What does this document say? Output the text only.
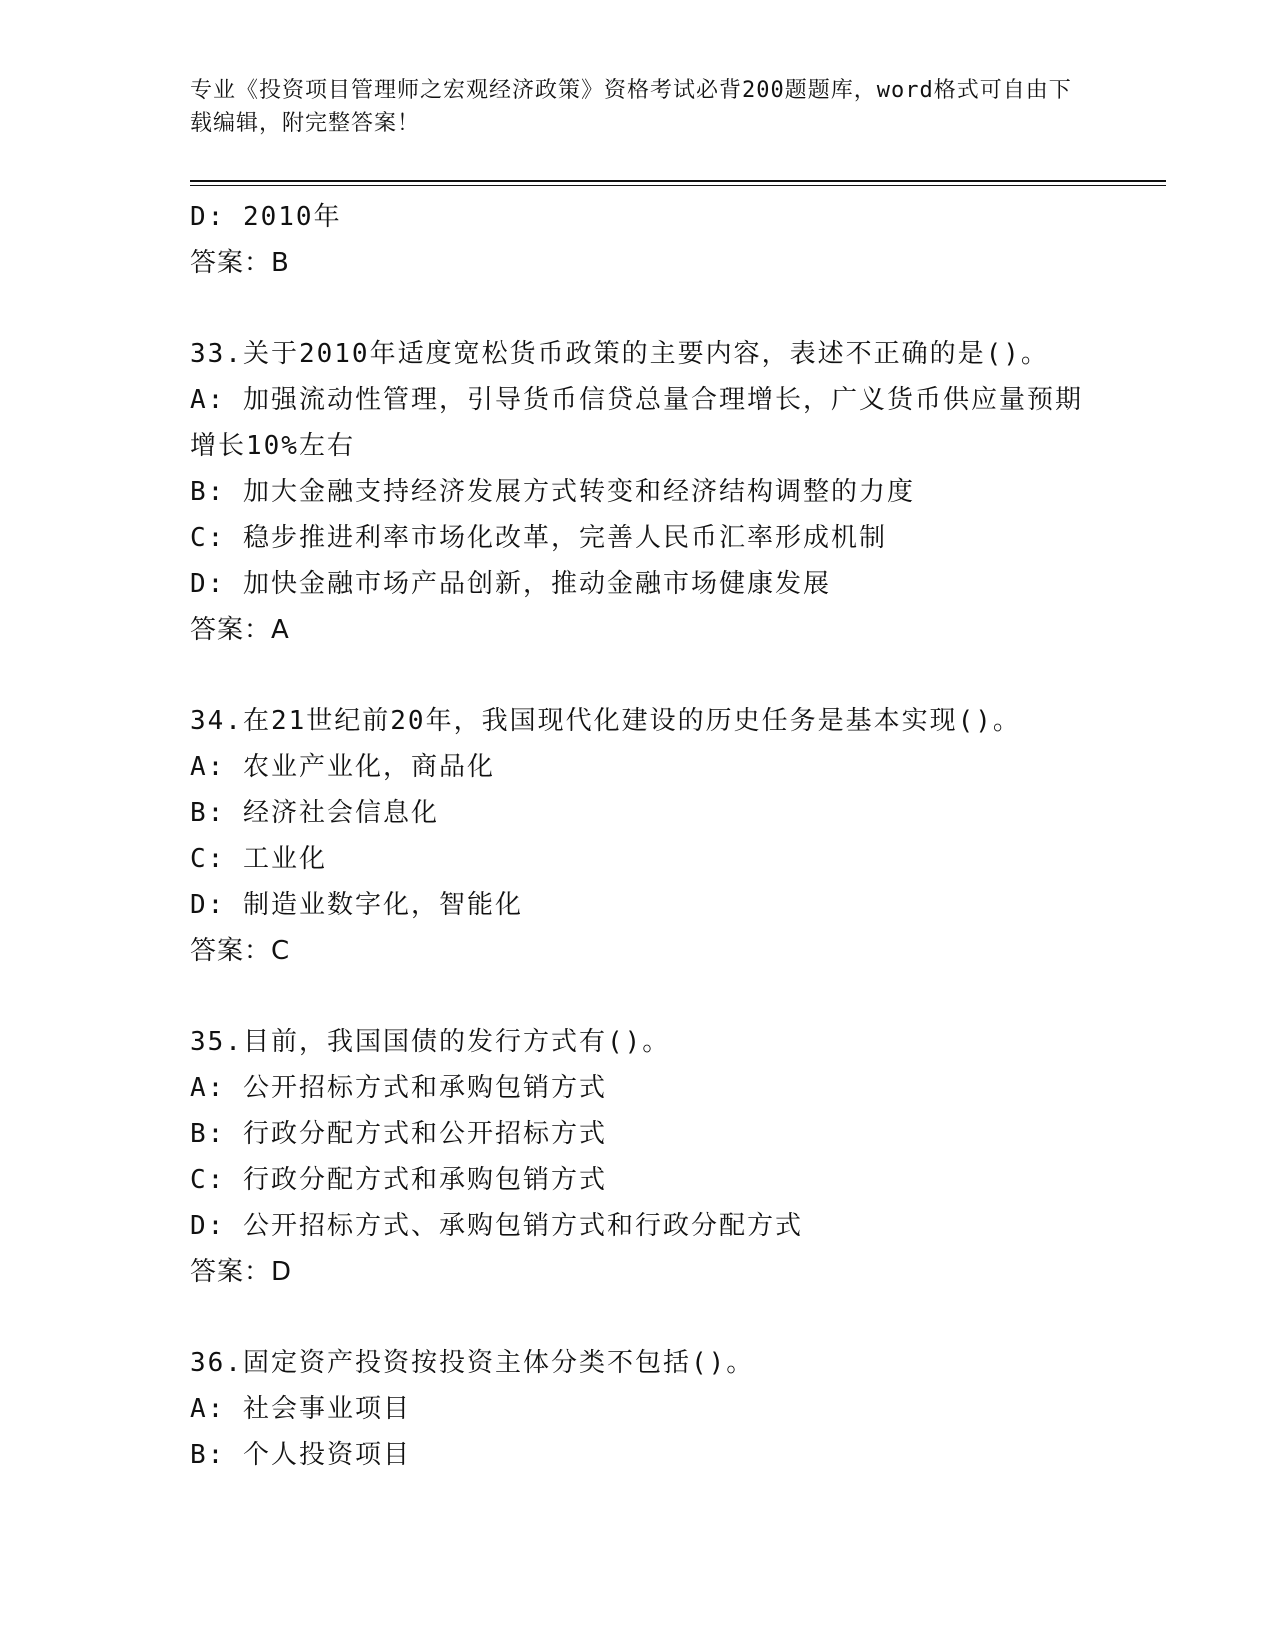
专业《投资项目管理师之宏观经济政策》资格考试必背200题题库，word格式可自由下载编辑，附完整答案！
D: 2010年
答案：B
33.关于2010年适度宽松货币政策的主要内容，表述不正确的是()。
A: 加强流动性管理，引导货币信贷总量合理增长，广义货币供应量预期增长10%左右
B: 加大金融支持经济发展方式转变和经济结构调整的力度
C: 稳步推进利率市场化改革，完善人民币汇率形成机制
D: 加快金融市场产品创新，推动金融市场健康发展
答案：A
34.在21世纪前20年，我国现代化建设的历史任务是基本实现()。
A: 农业产业化，商品化
B: 经济社会信息化
C: 工业化
D: 制造业数字化，智能化
答案：C
35.目前，我国国债的发行方式有()。
A: 公开招标方式和承购包销方式
B: 行政分配方式和公开招标方式
C: 行政分配方式和承购包销方式
D: 公开招标方式、承购包销方式和行政分配方式
答案：D
36.固定资产投资按投资主体分类不包括()。
A: 社会事业项目
B: 个人投资项目
